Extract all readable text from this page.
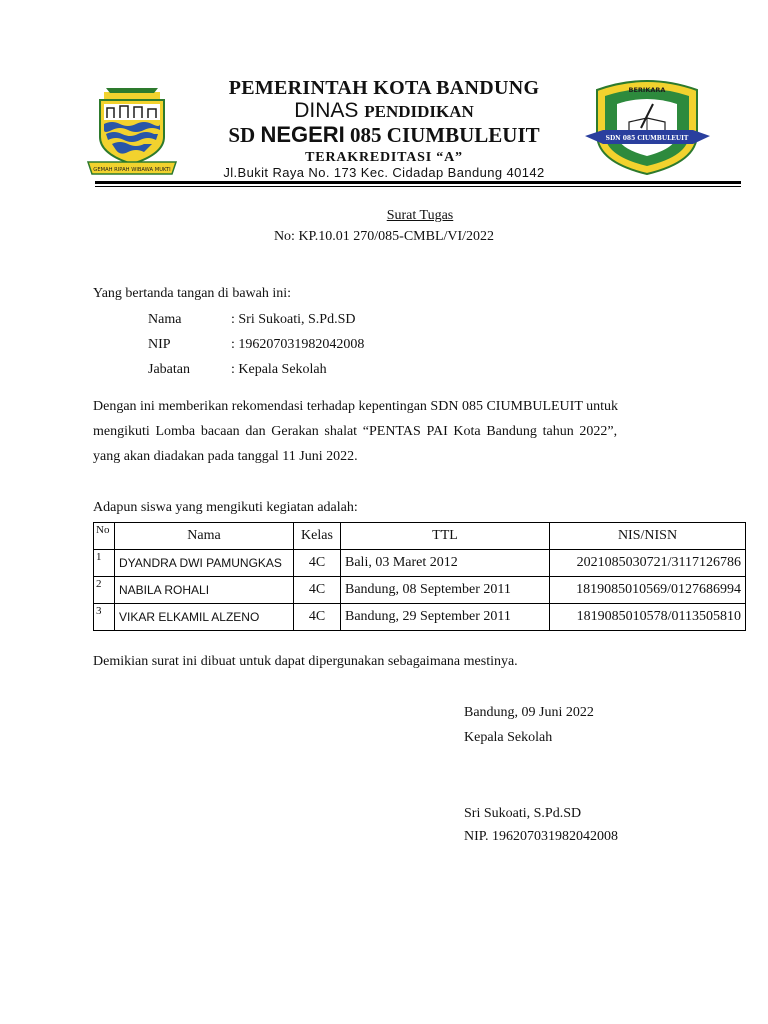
GEMAH RIPAH WIBAWA MUKTI
BERIKARA
SDN 085 CIUMBULEUIT
PEMERINTAH KOTA BANDUNG
DINAS PENDIDIKAN
SD NEGERI 085 CIUMBULEUIT
TERAKREDITASI “A”
Jl.Bukit Raya No. 173 Kec. Cidadap Bandung 40142
Surat Tugas
No: KP.10.01 270/085-CMBL/VI/2022
Yang bertanda tangan di bawah ini:
Nama	: Sri Sukoati, S.Pd.SD
NIP	: 196207031982042008
Jabatan	: Kepala Sekolah
Dengan ini memberikan rekomendasi terhadap kepentingan SDN 085 CIUMBULEUIT untuk
mengikuti Lomba bacaan dan Gerakan shalat “PENTAS PAI Kota Bandung tahun 2022”,
yang akan diadakan pada tanggal 11 Juni 2022.
Adapun siswa yang mengikuti kegiatan adalah:
No	Nama	Kelas	TTL	NIS/NISN
1	DYANDRA DWI PAMUNGKAS	4C	Bali, 03 Maret 2012	2021085030721/3117126786
2	NABILA ROHALI	4C	Bandung, 08 September 2011	1819085010569/0127686994
3	VIKAR ELKAMIL ALZENO	4C	Bandung, 29 September 2011	1819085010578/0113505810
Demikian surat ini dibuat untuk dapat dipergunakan sebagaimana mestinya.
Bandung, 09 Juni 2022
Kepala Sekolah
Sri Sukoati, S.Pd.SD
NIP. 196207031982042008
